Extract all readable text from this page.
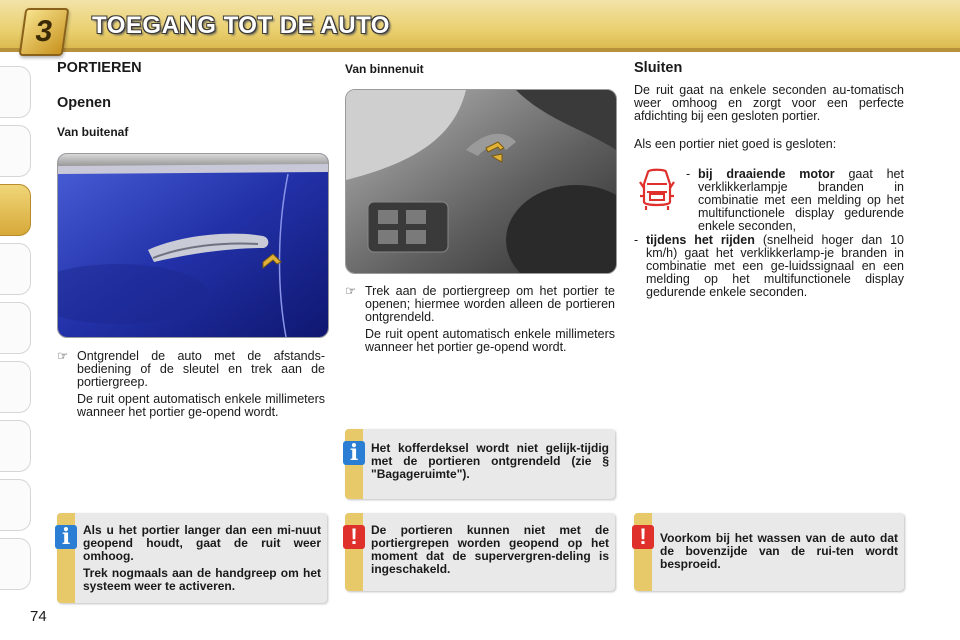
3	TOEGANG TOT DE AUTO
PORTIEREN
Openen
Van buitenaf
☞ Ontgrendel de auto met de afstands-bediening of de sleutel en trek aan de portiergreep.
De ruit opent automatisch enkele millimeters wanneer het portier ge-opend wordt.
Van binnenuit
☞ Trek aan de portiergreep om het portier te openen; hiermee worden alleen de portieren ontgrendeld.
De ruit opent automatisch enkele millimeters wanneer het portier ge-opend wordt.
Sluiten
De ruit gaat na enkele seconden au-tomatisch weer omhoog en zorgt voor een perfecte afdichting bij een gesloten portier.
Als een portier niet goed is gesloten:
- bij draaiende motor gaat het verklikkerlampje branden in combinatie met een melding op het multifunctionele display gedurende enkele seconden,
- tijdens het rijden (snelheid hoger dan 10 km/h) gaat het verklikkerlamp-je branden in combinatie met een ge-luidssignaal en een melding op het multifunctionele display gedurende enkele seconden.
i	Het kofferdeksel wordt niet gelijk-tijdig met de portieren ontgrendeld (zie § "Bagageruimte").
i	Als u het portier langer dan een mi-nuut geopend houdt, gaat de ruit weer omhoog.
Trek nogmaals aan de handgreep om het systeem weer te activeren.
!	De portieren kunnen niet met de portiergrepen worden geopend op het moment dat de supervergren-deling is ingeschakeld.
!	Voorkom bij het wassen van de auto dat de bovenzijde van de rui-ten wordt besproeid.
74
